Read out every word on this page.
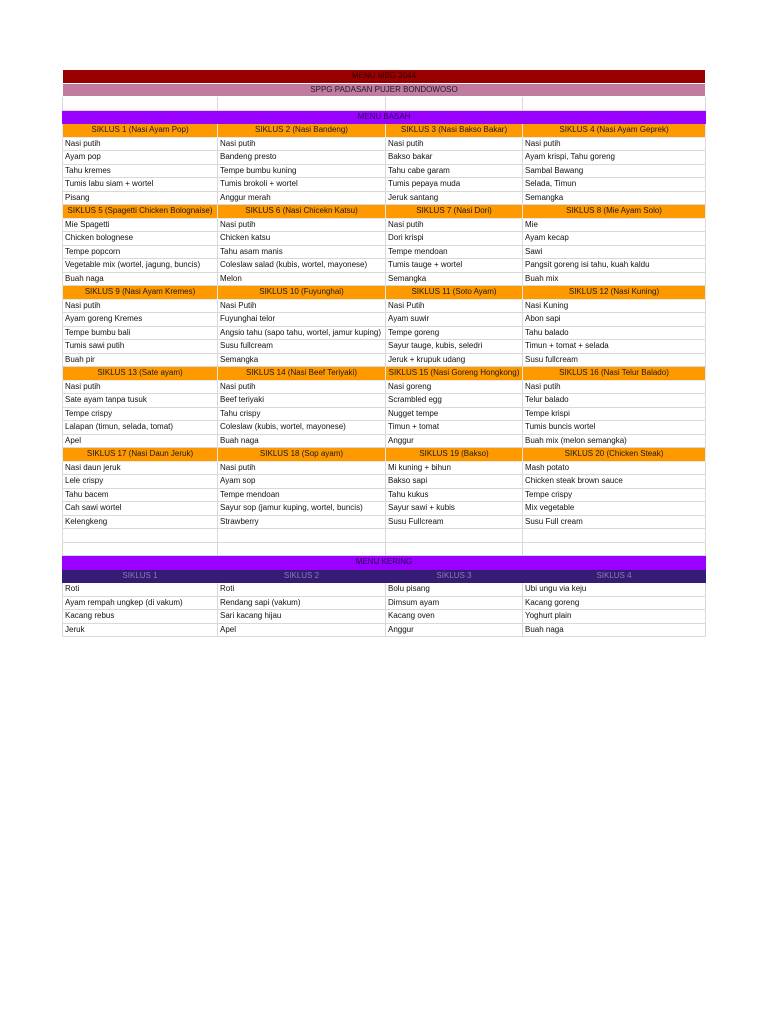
MENU MBG 2044			
SPPG PADASAN PUJER BONDOWOSO			

MENU BASAH			
SIKLUS 1 (Nasi Ayam Pop)	SIKLUS 2 (Nasi Bandeng)	SIKLUS 3 (Nasi Bakso Bakar)	SIKLUS 4 (Nasi Ayam Geprek)
Nasi putih	Nasi putih	Nasi putih	Nasi putih
Ayam pop	Bandeng presto	Bakso bakar	Ayam krispi, Tahu goreng
Tahu kremes	Tempe bumbu kuning	Tahu cabe garam	Sambal Bawang
Tumis labu siam + wortel	Tumis brokoli + wortel	Tumis pepaya muda	Selada, Timun
Pisang	Anggur merah	Jeruk santang	Semangka
SIKLUS 5 (Spagetti Chicken Bolognaise)	SIKLUS 6 (Nasi Chicekn Katsu)	SIKLUS 7 (Nasi Dori)	SIKLUS 8 (Mie Ayam Solo)
Mie Spagetti	Nasi putih	Nasi putih	Mie
Chicken bolognese	Chicken katsu	Dori krispi	Ayam kecap
Tempe popcorn	Tahu asam manis	Tempe mendoan	Sawi
Vegetable mix (wortel, jagung, buncis)	Coleslaw salad (kubis, wortel, mayonese)	Tumis tauge + wortel	Pangsit goreng isi tahu, kuah kaldu
Buah naga	Melon	Semangka	Buah mix
SIKLUS 9 (Nasi Ayam Kremes)	SIKLUS 10 (Fuyunghai)	SIKLUS 11 (Soto Ayam)	SIKLUS 12 (Nasi Kuning)
Nasi putih	Nasi Putih	Nasi Putih	Nasi Kuning
Ayam goreng Kremes	Fuyunghai telor	Ayam suwir	Abon sapi
Tempe bumbu bali	Angsio tahu (sapo tahu, wortel, jamur kuping)	Tempe goreng	Tahu balado
Tumis sawi putih	Susu fullcream	Sayur tauge, kubis, seledri	Timun + tomat + selada
Buah pir	Semangka	Jeruk + krupuk udang	Susu fullcream
SIKLUS 13 (Sate ayam)	SIKLUS 14 (Nasi Beef Teriyaki)	SIKLUS 15 (Nasi Goreng Hongkong)	SIKLUS 16 (Nasi Telur Balado)
Nasi putih	Nasi putih	Nasi goreng	Nasi putih
Sate ayam tanpa tusuk	Beef teriyaki	Scrambled egg	Telur balado
Tempe crispy	Tahu crispy	Nugget tempe	Tempe krispi
Lalapan (timun, selada, tomat)	Coleslaw (kubis, wortel, mayonese)	Timun + tomat	Tumis buncis wortel
Apel	Buah naga	Anggur	Buah mix (melon semangka)
SIKLUS 17 (Nasi Daun Jeruk)	SIKLUS 18 (Sop ayam)	SIKLUS 19 (Bakso)	SIKLUS 20 (Chicken Steak)
Nasi daun jeruk	Nasi putih	Mi kuning + bihun	Mash potato
Lele crispy	Ayam sop	Bakso sapi	Chicken steak brown sauce
Tahu bacem	Tempe mendoan	Tahu kukus	Tempe crispy
Cah sawi wortel	Sayur sop (jamur kuping, wortel, buncis)	Sayur sawi + kubis	Mix vegetable
Kelengkeng	Strawberry	Susu Fullcream	Susu Full cream

MENU KERING			
SIKLUS 1	SIKLUS 2	SIKLUS 3	SIKLUS 4
Roti	Roti	Bolu pisang	Ubi ungu via keju
Ayam rempah ungkep (di vakum)	Rendang sapi (vakum)	Dimsum ayam	Kacang goreng
Kacang rebus	Sari kacang hijau	Kacang oven	Yoghurt plain
Jeruk	Apel	Anggur	Buah naga
